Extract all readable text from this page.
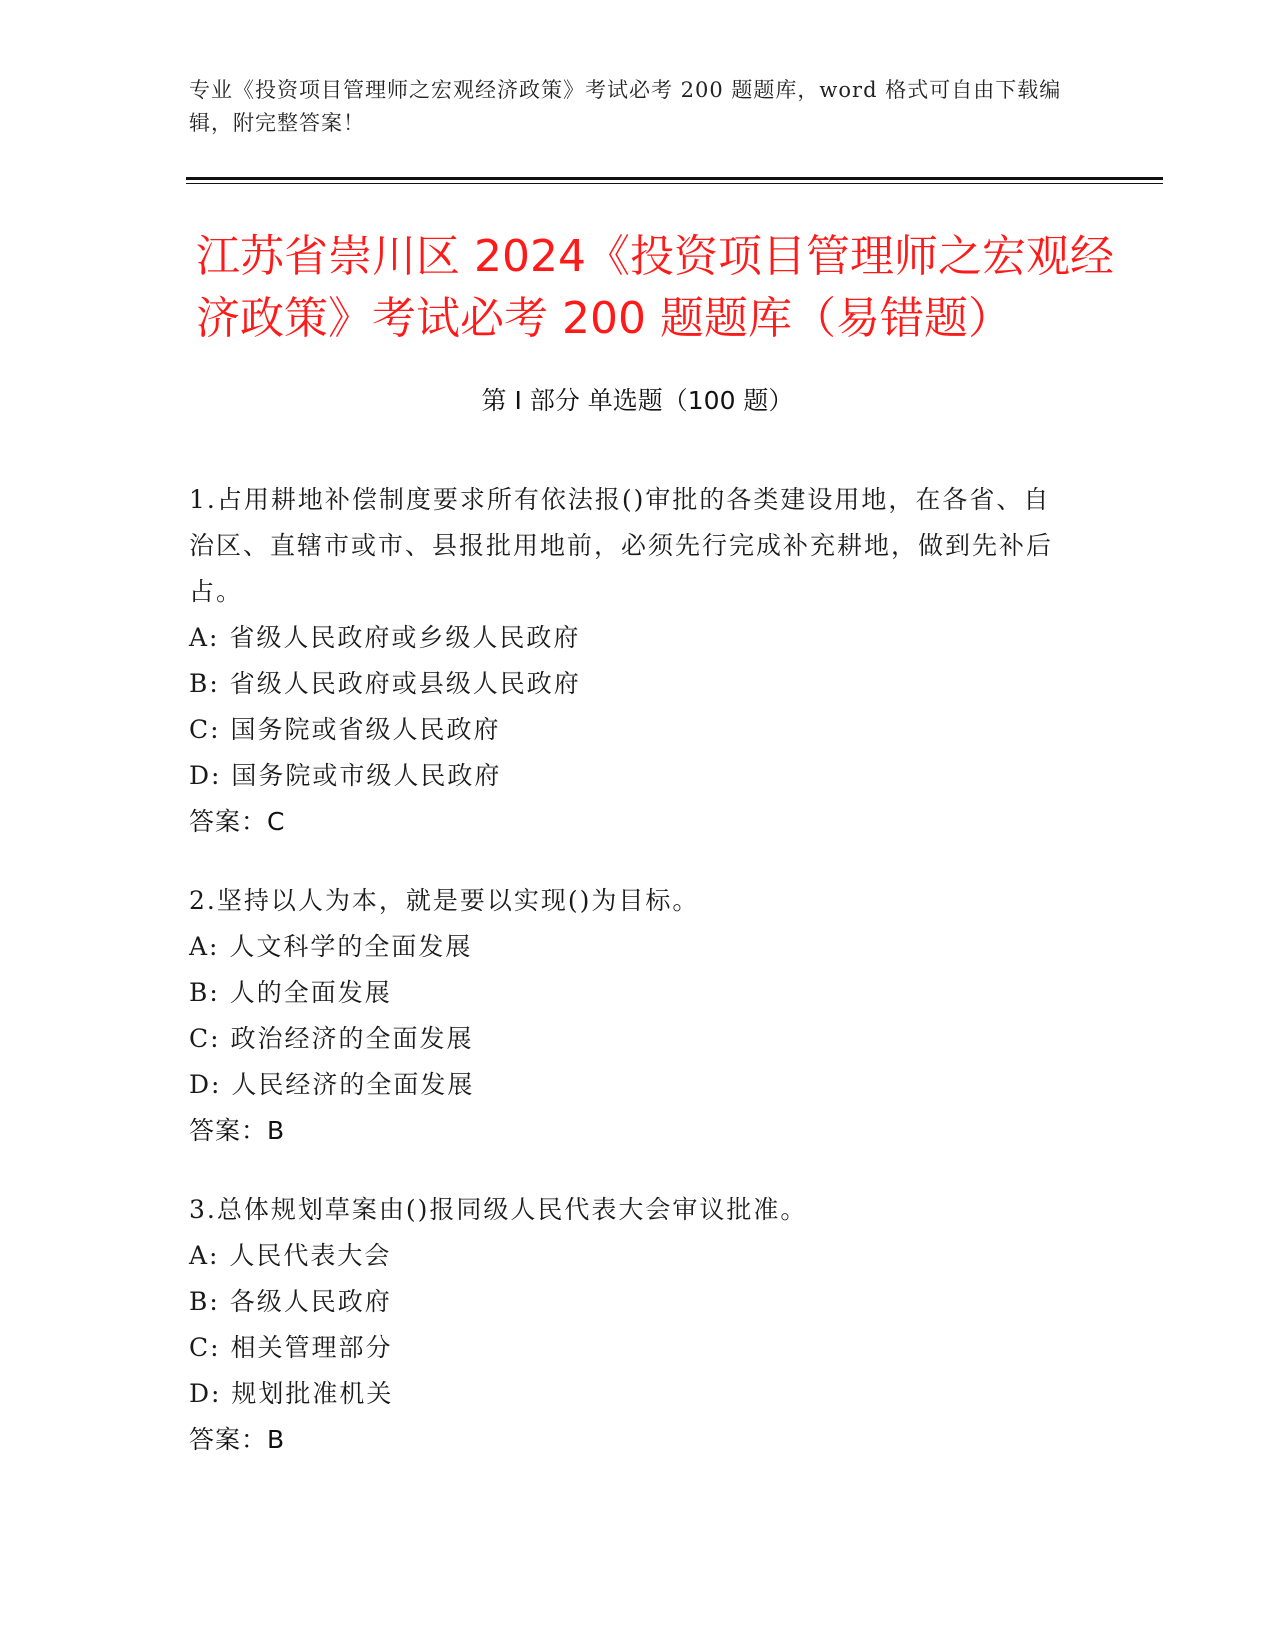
专业《投资项目管理师之宏观经济政策》考试必考 200 题题库，word 格式可自由下载编辑，附完整答案！
江苏省崇川区 2024《投资项目管理师之宏观经济政策》考试必考 200 题题库（易错题）
第 I 部分 单选题（100 题）
1.占用耕地补偿制度要求所有依法报()审批的各类建设用地，在各省、自治区、直辖市或市、县报批用地前，必须先行完成补充耕地，做到先补后占。
A: 省级人民政府或乡级人民政府
B: 省级人民政府或县级人民政府
C: 国务院或省级人民政府
D: 国务院或市级人民政府
答案：C
2.坚持以人为本，就是要以实现()为目标。
A: 人文科学的全面发展
B: 人的全面发展
C: 政治经济的全面发展
D: 人民经济的全面发展
答案：B
3.总体规划草案由()报同级人民代表大会审议批准。
A: 人民代表大会
B: 各级人民政府
C: 相关管理部分
D: 规划批准机关
答案：B
